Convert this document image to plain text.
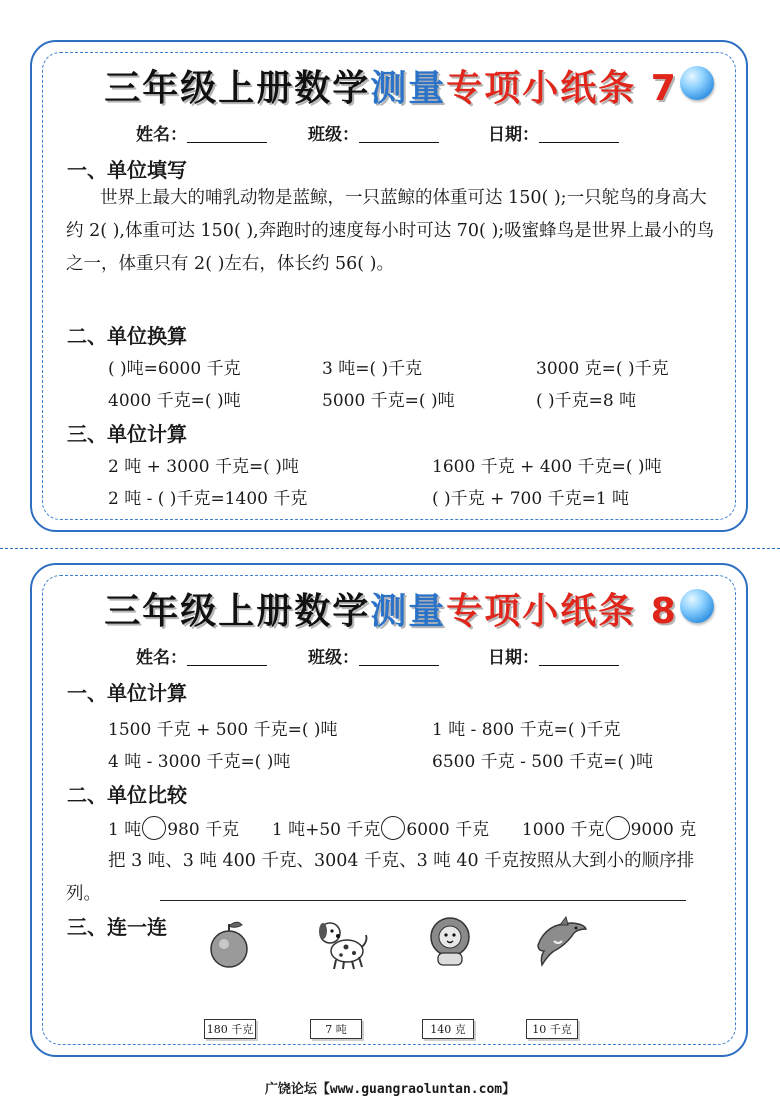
三年级上册数学测量专项小纸条 7
姓名：	班级：	日期：
一、单位填写
世界上最大的哺乳动物是蓝鲸，一只蓝鲸的体重可达 150( );一只鸵鸟的身高大约 2( ),体重可达 150( ),奔跑时的速度每小时可达 70( );吸蜜蜂鸟是世界上最小的鸟之一，体重只有 2( )左右，体长约 56( )。
二、单位换算
( )吨=6000 千克	3 吨=( )千克	3000 克=( )千克
4000 千克=( )吨	5000 千克=( )吨	( )千克=8 吨
三、单位计算
2 吨 + 3000 千克=( )吨	1600 千克 + 400 千克=( )吨
2 吨 - ( )千克=1400 千克	( )千克 + 700 千克=1 吨
三年级上册数学测量专项小纸条 8
姓名：	班级：	日期：
一、单位计算
1500 千克 + 500 千克=( )吨	1 吨 - 800 千克=( )千克
4 吨 - 3000 千克=( )吨	6500 千克 - 500 千克=( )吨
二、单位比较
1 吨 980 千克 1 吨+50 千克 6000 千克 1000 千克 9000 克
把 3 吨、3 吨 400 千克、3004 千克、3 吨 40 千克按照从大到小的顺序排列。
三、连一连
180 千克	7 吨	140 克	10 千克
广饶论坛【www.guangraoluntan.com】
